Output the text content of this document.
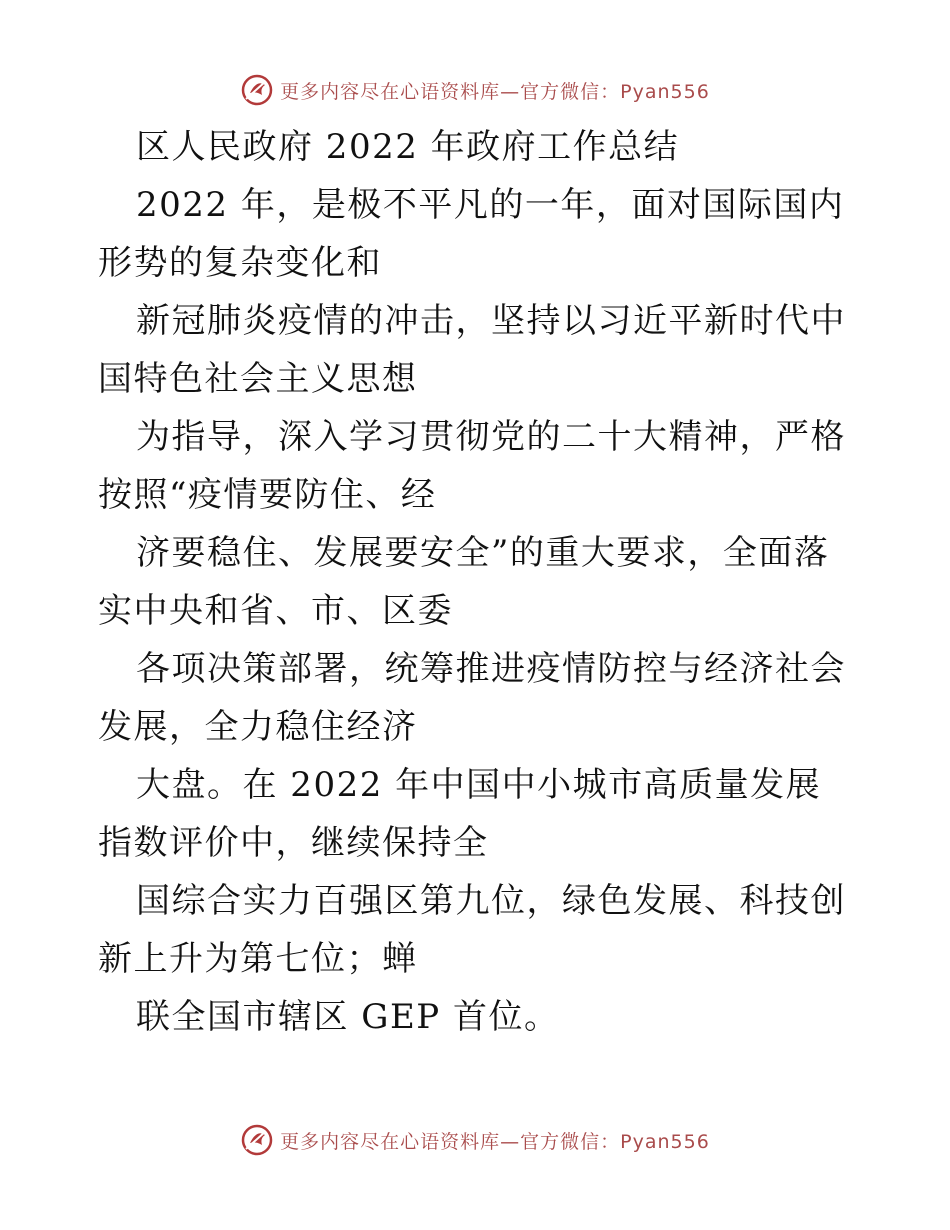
更多内容尽在心语资料库—官方微信：Pyan556

区人民政府 2022 年政府工作总结

2022 年，是极不平凡的一年，面对国际国内形势的复杂变化和

新冠肺炎疫情的冲击，坚持以习近平新时代中国特色社会主义思想

为指导，深入学习贯彻党的二十大精神，严格按照“疫情要防住、经

济要稳住、发展要安全”的重大要求，全面落实中央和省、市、区委

各项决策部署，统筹推进疫情防控与经济社会发展，全力稳住经济

大盘。在 2022 年中国中小城市高质量发展指数评价中，继续保持全

国综合实力百强区第九位，绿色发展、科技创新上升为第七位；蝉

联全国市辖区 GEP 首位。

更多内容尽在心语资料库—官方微信：Pyan556
